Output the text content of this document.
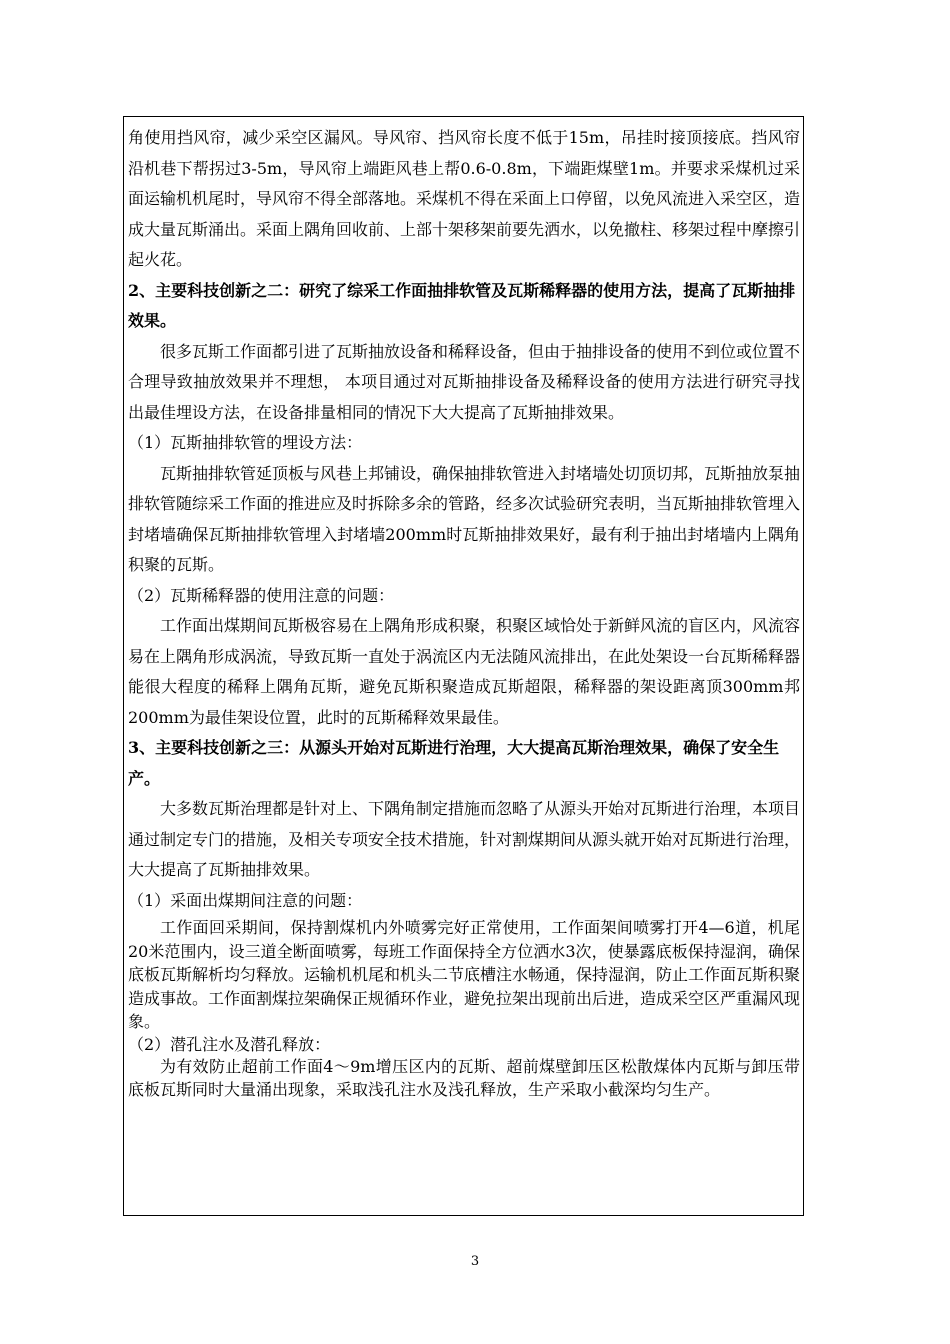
角使用挡风帘，减少采空区漏风。导风帘、挡风帘长度不低于15m，吊挂时接顶接底。挡风帘沿机巷下帮拐过3-5m，导风帘上端距风巷上帮0.6-0.8m，下端距煤壁1m。并要求采煤机过采面运输机机尾时，导风帘不得全部落地。采煤机不得在采面上口停留，以免风流进入采空区，造成大量瓦斯涌出。采面上隅角回收前、上部十架移架前要先洒水，以免撤柱、移架过程中摩擦引起火花。

2、主要科技创新之二：研究了综采工作面抽排软管及瓦斯稀释器的使用方法，提高了瓦斯抽排效果。

很多瓦斯工作面都引进了瓦斯抽放设备和稀释设备，但由于抽排设备的使用不到位或位置不合理导致抽放效果并不理想， 本项目通过对瓦斯抽排设备及稀释设备的使用方法进行研究寻找出最佳埋设方法，在设备排量相同的情况下大大提高了瓦斯抽排效果。

（1）瓦斯抽排软管的埋设方法：

瓦斯抽排软管延顶板与风巷上邦铺设，确保抽排软管进入封堵墙处切顶切邦，瓦斯抽放泵抽排软管随综采工作面的推进应及时拆除多余的管路，经多次试验研究表明，当瓦斯抽排软管埋入封堵墙确保瓦斯抽排软管埋入封堵墙200mm时瓦斯抽排效果好，最有利于抽出封堵墙内上隅角积聚的瓦斯。

（2）瓦斯稀释器的使用注意的问题：

工作面出煤期间瓦斯极容易在上隅角形成积聚，积聚区域恰处于新鲜风流的盲区内，风流容易在上隅角形成涡流，导致瓦斯一直处于涡流区内无法随风流排出，在此处架设一台瓦斯稀释器能很大程度的稀释上隅角瓦斯，避免瓦斯积聚造成瓦斯超限，稀释器的架设距离顶300mm邦200mm为最佳架设位置，此时的瓦斯稀释效果最佳。

3、主要科技创新之三：从源头开始对瓦斯进行治理，大大提高瓦斯治理效果，确保了安全生产。

大多数瓦斯治理都是针对上、下隅角制定措施而忽略了从源头开始对瓦斯进行治理，本项目通过制定专门的措施，及相关专项安全技术措施，针对割煤期间从源头就开始对瓦斯进行治理，大大提高了瓦斯抽排效果。

（1）采面出煤期间注意的问题：

工作面回采期间，保持割煤机内外喷雾完好正常使用，工作面架间喷雾打开4—6道，机尾20米范围内，设三道全断面喷雾，每班工作面保持全方位洒水3次，使暴露底板保持湿润，确保底板瓦斯解析均匀释放。运输机机尾和机头二节底槽注水畅通，保持湿润，防止工作面瓦斯积聚造成事故。工作面割煤拉架确保正规循环作业，避免拉架出现前出后进，造成采空区严重漏风现象。

（2）潜孔注水及潜孔释放：

为有效防止超前工作面4～9m增压区内的瓦斯、超前煤壁卸压区松散煤体内瓦斯与卸压带底板瓦斯同时大量涌出现象，采取浅孔注水及浅孔释放，生产采取小截深均匀生产。

3
